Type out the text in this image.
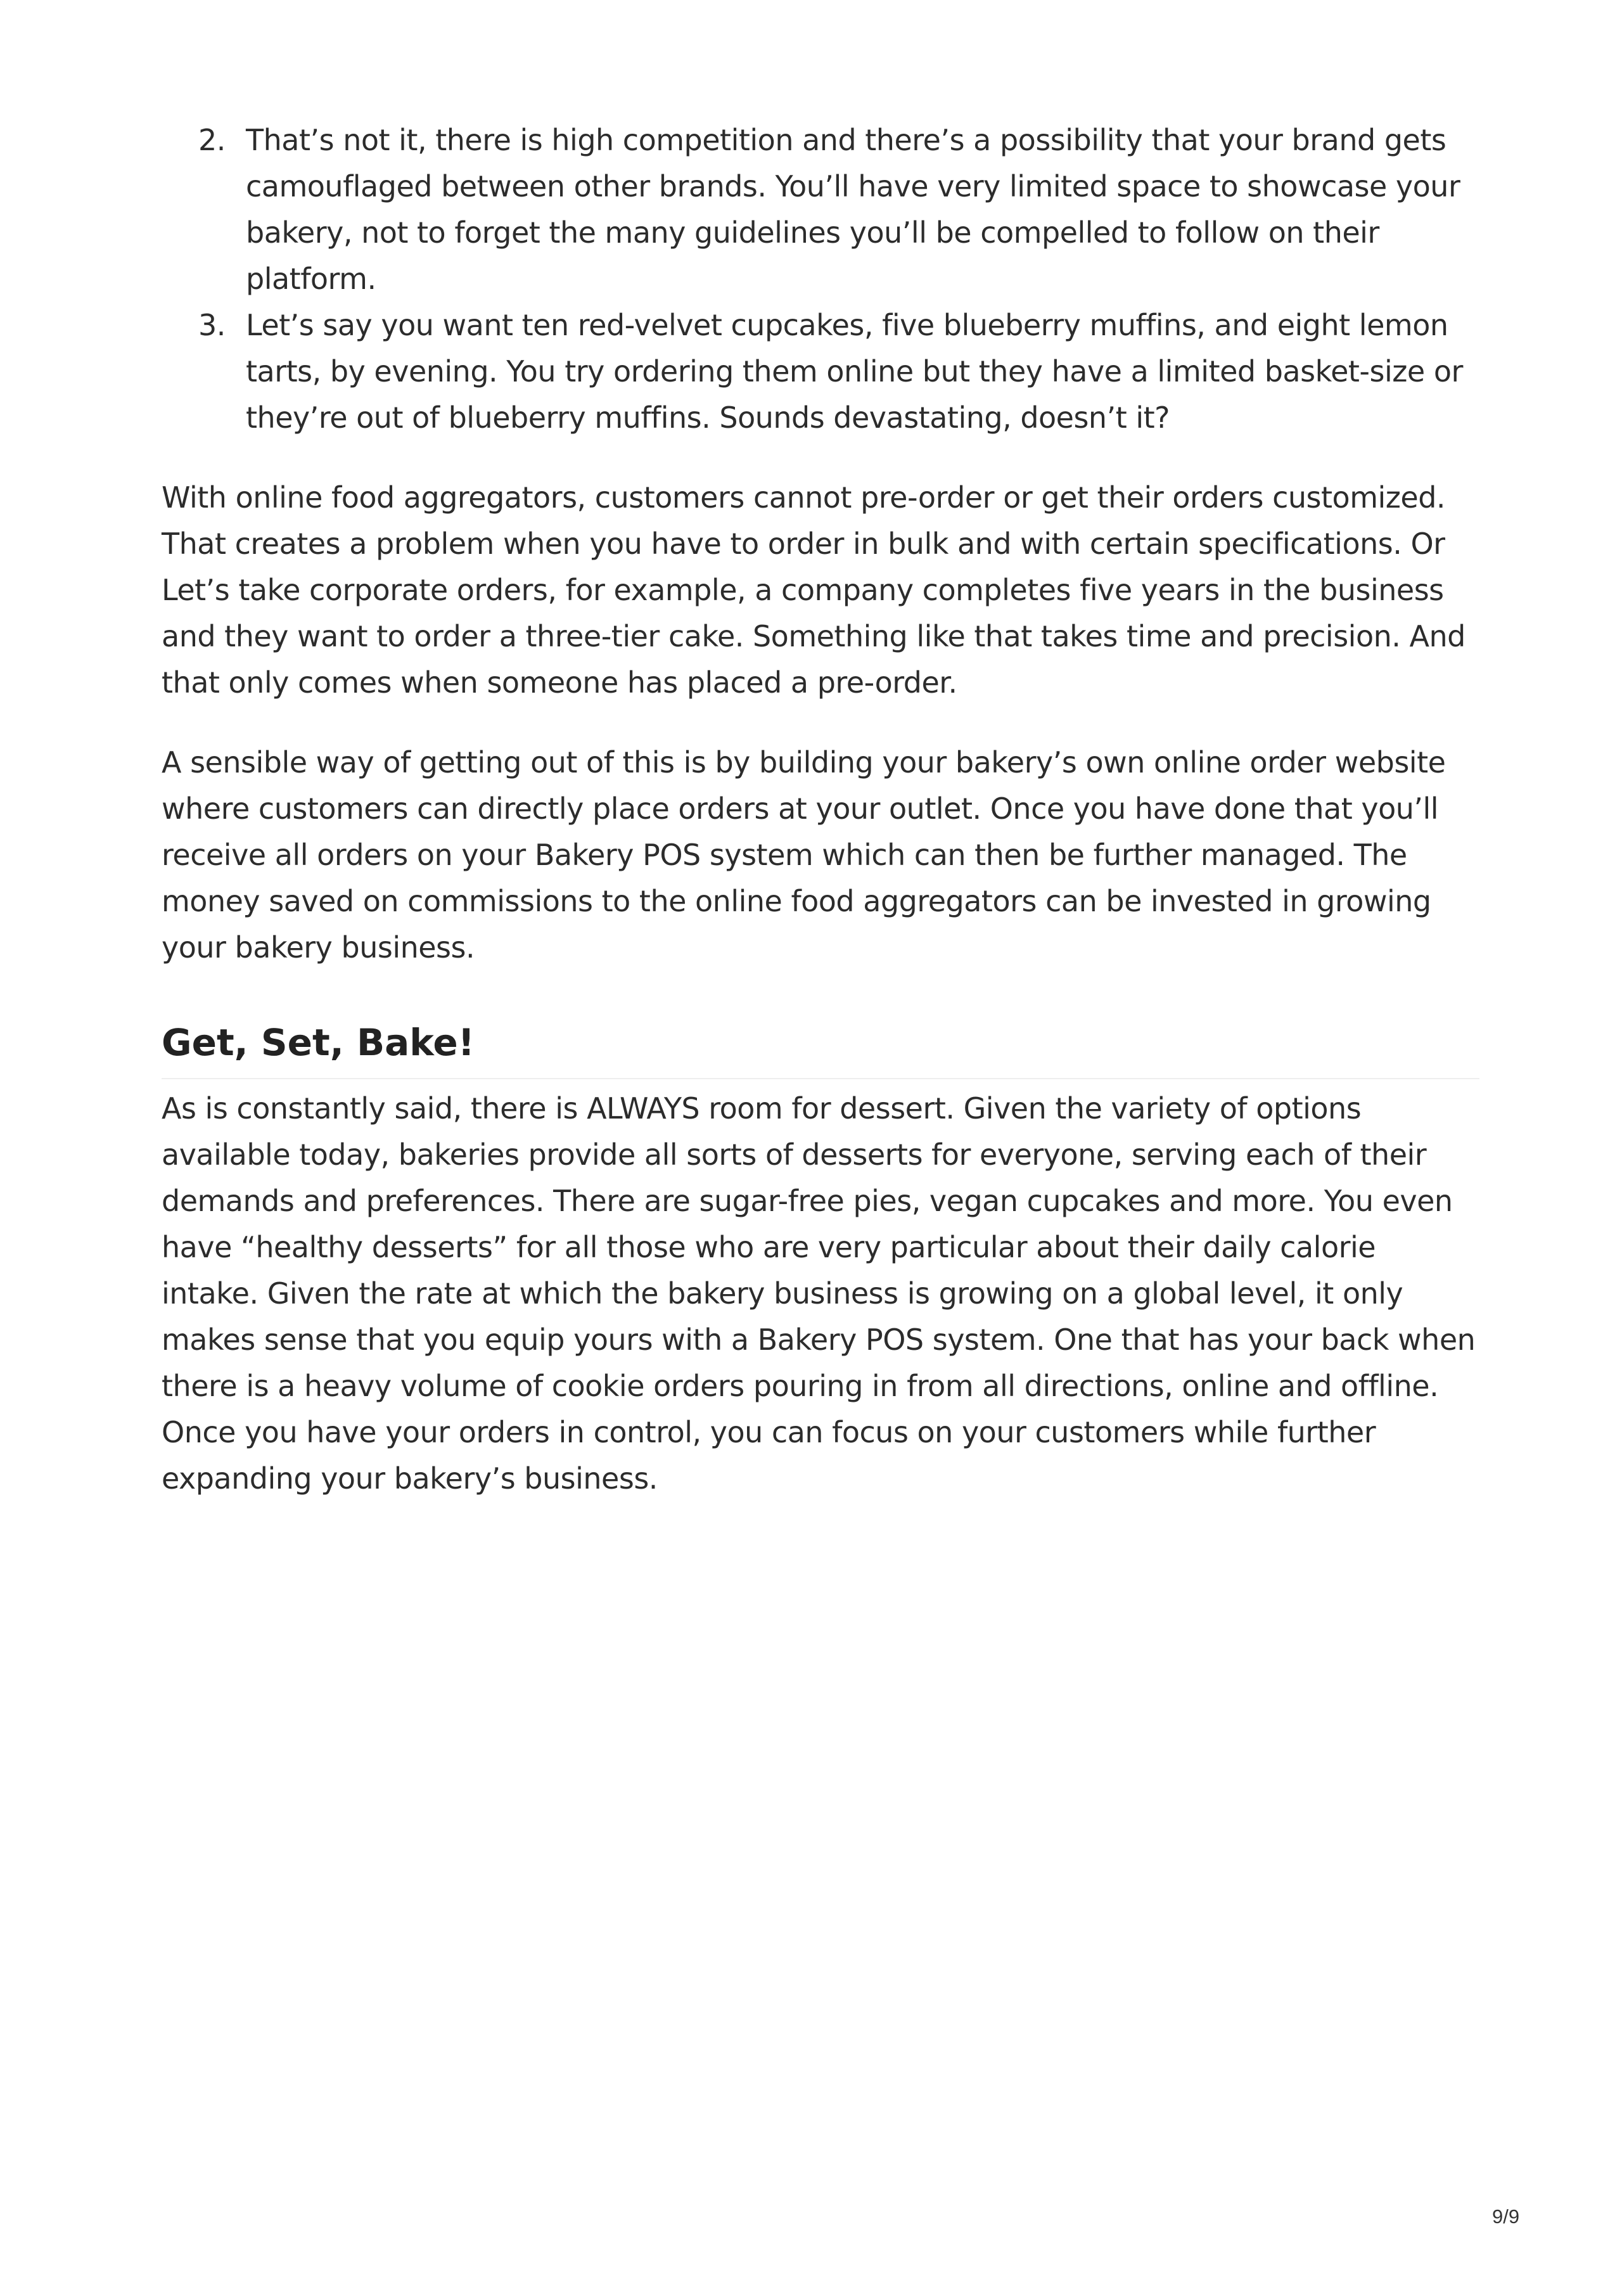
2. That’s not it, there is high competition and there’s a possibility that your brand gets camouflaged between other brands. You’ll have very limited space to showcase your bakery, not to forget the many guidelines you’ll be compelled to follow on their platform.
3. Let’s say you want ten red-velvet cupcakes, five blueberry muffins, and eight lemon tarts, by evening. You try ordering them online but they have a limited basket-size or they’re out of blueberry muffins. Sounds devastating, doesn’t it?

With online food aggregators, customers cannot pre-order or get their orders customized. That creates a problem when you have to order in bulk and with certain specifications. Or Let’s take corporate orders, for example, a company completes five years in the business and they want to order a three-tier cake. Something like that takes time and precision. And that only comes when someone has placed a pre-order.

A sensible way of getting out of this is by building your bakery’s own online order website where customers can directly place orders at your outlet. Once you have done that you’ll receive all orders on your Bakery POS system which can then be further managed. The money saved on commissions to the online food aggregators can be invested in growing your bakery business.

Get, Set, Bake!

As is constantly said, there is ALWAYS room for dessert. Given the variety of options available today, bakeries provide all sorts of desserts for everyone, serving each of their demands and preferences. There are sugar-free pies, vegan cupcakes and more. You even have “healthy desserts” for all those who are very particular about their daily calorie intake. Given the rate at which the bakery business is growing on a global level, it only makes sense that you equip yours with a Bakery POS system. One that has your back when there is a heavy volume of cookie orders pouring in from all directions, online and offline. Once you have your orders in control, you can focus on your customers while further expanding your bakery’s business.

9/9
